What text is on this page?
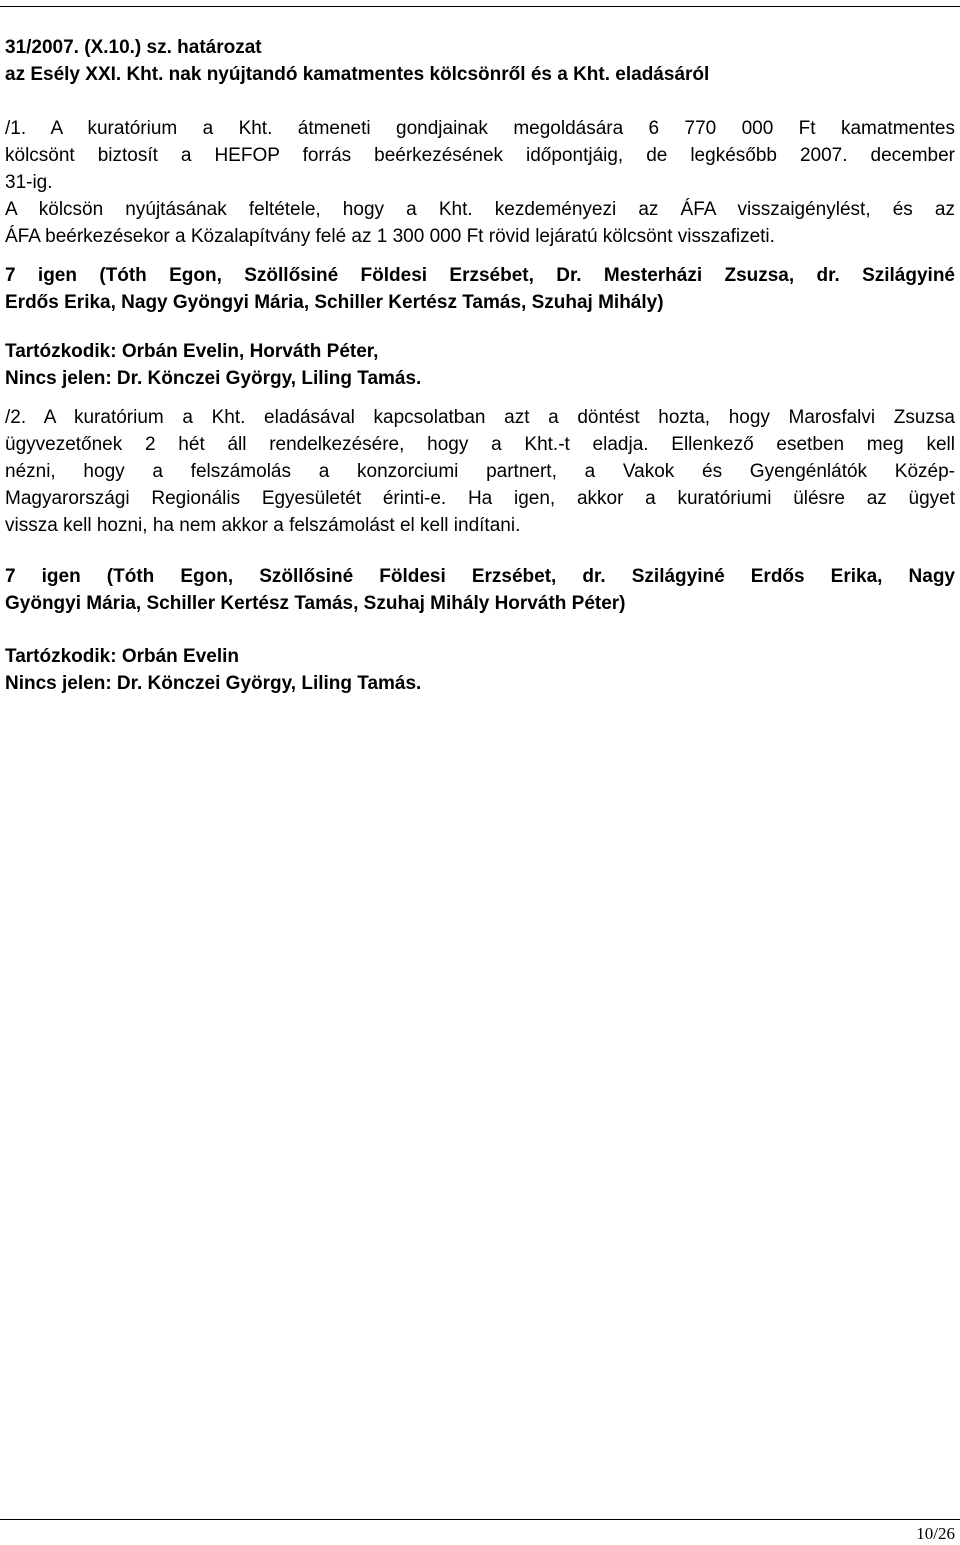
31/2007. (X.10.) sz. határozat

az Esély XXI. Kht. nak nyújtandó kamatmentes kölcsönről és a Kht. eladásáról

/1. A kuratórium a Kht. átmeneti gondjainak megoldására 6 770 000 Ft kamatmentes

kölcsönt biztosít a HEFOP forrás beérkezésének időpontjáig, de legkésőbb 2007. december

31-ig.

A kölcsön nyújtásának feltétele, hogy a Kht. kezdeményezi az ÁFA visszaigénylést, és az

ÁFA beérkezésekor a Közalapítvány felé az 1 300 000 Ft rövid lejáratú kölcsönt visszafizeti.

7 igen (Tóth Egon, Szöllősiné Földesi Erzsébet, Dr. Mesterházi Zsuzsa, dr. Szilágyiné

Erdős Erika, Nagy Gyöngyi Mária, Schiller Kertész Tamás, Szuhaj Mihály)

Tartózkodik: Orbán Evelin, Horváth Péter,

Nincs jelen: Dr. Könczei György, Liling Tamás.

/2. A kuratórium a Kht. eladásával kapcsolatban azt a döntést hozta, hogy Marosfalvi Zsuzsa

ügyvezetőnek 2 hét áll rendelkezésére, hogy a Kht.-t eladja. Ellenkező esetben meg kell

nézni, hogy a felszámolás a konzorciumi partnert, a Vakok és Gyengénlátók Közép-

Magyarországi Regionális Egyesületét érinti-e. Ha igen, akkor a kuratóriumi ülésre az ügyet

vissza kell hozni, ha nem akkor a felszámolást el kell indítani.

7 igen (Tóth Egon, Szöllősiné Földesi Erzsébet, dr. Szilágyiné Erdős Erika, Nagy

Gyöngyi Mária, Schiller Kertész Tamás, Szuhaj Mihály Horváth Péter)

Tartózkodik: Orbán Evelin

Nincs jelen: Dr. Könczei György, Liling Tamás.

10/26
